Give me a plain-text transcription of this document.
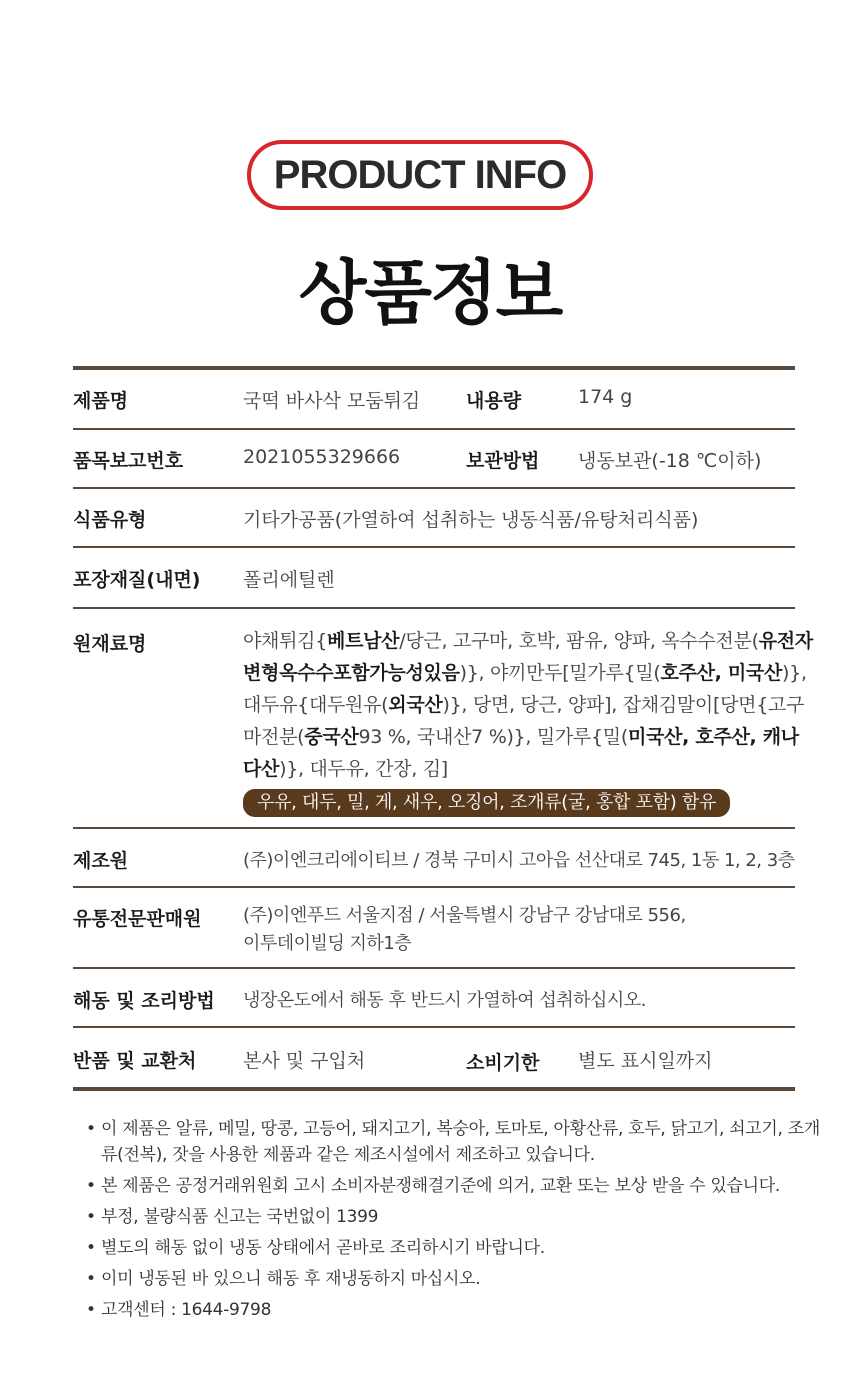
PRODUCT INFO
상품정보
제품명	국떡 바사삭 모둠튀김 내용량	174 g
품목보고번호	2021055329666	보관방법 냉동보관(-18 ℃이하)
식품유형	기타가공품(가열하여 섭취하는 냉동식품/유탕처리식품)
포장재질(내면) 폴리에틸렌
원재료명	야채튀김{베트남산/당근, 고구마, 호박, 팜유, 양파, 옥수수전분(유전자변형옥수수포함가능성있음)}, 야끼만두[밀가루{밀(호주산, 미국산)}, 대두유{대두원유(외국산)}, 당면, 당근, 양파], 잡채김말이[당면{고구마전분(중국산93 %, 국내산7 %)}, 밀가루{밀(미국산, 호주산, 캐나다산)}, 대두유, 간장, 김]
우유, 대두, 밀, 게, 새우, 오징어, 조개류(굴, 홍합 포함) 함유
제조원	(주)이엔크리에이티브 / 경북 구미시 고아읍 선산대로 745, 1동 1, 2, 3층
유통전문판매원 (주)이엔푸드 서울지점 / 서울특별시 강남구 강남대로 556,
이투데이빌딩 지하1층
해동 및 조리방법 냉장온도에서 해동 후 반드시 가열하여 섭취하십시오.
반품 및 교환처 본사 및 구입처	소비기한 별도 표시일까지
• 이 제품은 알류, 메밀, 땅콩, 고등어, 돼지고기, 복숭아, 토마토, 아황산류, 호두, 닭고기, 쇠고기, 조개류(전복), 잣을 사용한 제품과 같은 제조시설에서 제조하고 있습니다.
• 본 제품은 공정거래위원회 고시 소비자분쟁해결기준에 의거, 교환 또는 보상 받을 수 있습니다.
• 부정, 불량식품 신고는 국번없이 1399
• 별도의 해동 없이 냉동 상태에서 곧바로 조리하시기 바랍니다.
• 이미 냉동된 바 있으니 해동 후 재냉동하지 마십시오.
• 고객센터 : 1644-9798
